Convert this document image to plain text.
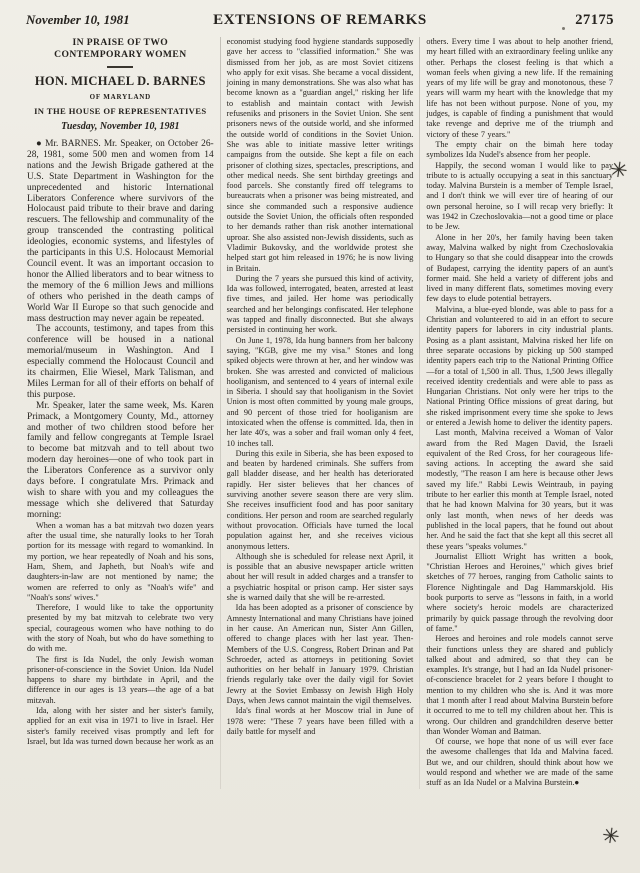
November 10, 1981	EXTENSIONS OF REMARKS	27175
IN PRAISE OF TWO
CONTEMPORARY WOMEN
HON. MICHAEL D. BARNES
OF MARYLAND
IN THE HOUSE OF REPRESENTATIVES
Tuesday, November 10, 1981

● Mr. BARNES. Mr. Speaker, on October 26-28, 1981, some 500 men and women from 14 nations and the Jewish Brigade gathered at the U.S. State Department in Washington for the unprecedented and historic International Liberators Conference where survivors of the Holocaust paid tribute to their brave and daring rescuers. The fellowship and communality of the group transcended the contrasting political ideologies, economic systems, and lifestyles of the participants in this U.S. Holocaust Memorial Council event. It was an important occasion to honor the Allied liberators and to bear witness to the memory of the 6 million Jews and millions of others who perished in the death camps of World War II Europe so that such genocide and mass destruction may never again be repeated.

The accounts, testimony, and tapes from this conference will be housed in a national memorial/museum in Washington. And I especially commend the Holocaust Council and its chairmen, Elie Wiesel, Mark Talisman, and Miles Lerman for all of their efforts on behalf of this purpose.

Mr. Speaker, later the same week, Ms. Karen Primack, a Montgomery County, Md., attorney and mother of two children stood before her family and fellow congregants at Temple Israel to become bat mitzvah and to tell about two modern day heroines—one of who took part in the Liberators Conference as a survivor only days before. I congratulate Mrs. Primack and wish to share with you and my colleagues the message which she delivered that Saturday morning:

When a woman has a bat mitzvah two dozen years after the usual time, she naturally looks to her Torah portion for its message with regard to womankind. In my portion, we hear repeatedly of Noah and his sons, Ham, Shem, and Japheth, but Noah's wife and daughters-in-law are not mentioned by name; the women are referred to only as "Noah's wife" and "Noah's sons' wives."

Therefore, I would like to take the opportunity presented by my bat mitzvah to celebrate two very special, courageous women who have nothing to do with the story of Noah, but who do have something to do with me.

The first is Ida Nudel, the only Jewish woman prisoner-of-conscience in the Soviet Union. Ida Nudel happens to share my birthdate in April, and the difference in our ages is 13 years—the age of a bat mitzvah.

Ida, along with her sister and her sister's family, applied for an exit visa in 1971 to live in Israel. Her sister's family received visas promptly and left for Israel, but Ida was turned down because her work as an

economist studying food hygiene standards supposedly gave her access to "classified information." She was dismissed from her job, as are most Soviet citizens who apply for exit visas. She became a vocal dissident, joining in many demonstrations. She was also what has become known as a "guardian angel," risking her life to establish and maintain contact with Jewish refuseniks and prisoners in the Soviet Union. She sent prisoners news of the outside world, and she informed the outside world of conditions in the Soviet Union. She was able to initiate massive letter writings campaigns from the outside. She kept a file on each prisoner of clothing sizes, spectacles, prescriptions, and other medical needs. She sent birthday greetings and food parcels. She constantly fired off telegrams to bureaucrats when a prisoner was being mistreated, and since she commanded such a responsive audience outside the Soviet Union, the officials often responded to her demands rather than risk another international uproar. She also assisted non-Jewish dissidents, such as Vladimir Bukovsky, and the worldwide protest she helped start got him released in 1976; he is now living in Britain.

During the 7 years she pursued this kind of activity, Ida was followed, interrogated, beaten, arrested at least five times, and jailed. Her home was periodically searched and her belongings confiscated. Her telephone was tapped and finally disconnected. But she always persisted in continuing her work.

On June 1, 1978, Ida hung banners from her balcony saying, "KGB, give me my visa." Stones and long spiked objects were thrown at her, and her window was broken. She was arrested and convicted of malicious hooliganism, and sentenced to 4 years of internal exile in Siberia. I should say that hooliganism in the Soviet Union is most often committed by young male groups, and 90 percent of those tried for hooliganism are intoxicated when the offense is committed. Ida, then in her late 40's, was a sober and frail woman only 4 feet, 10 inches tall.

During this exile in Siberia, she has been exposed to and beaten by hardened criminals. She suffers from gall bladder disease, and her health has deteriorated rapidly. Her sister believes that her chances of surviving another severe season there are very slim. She receives insufficient food and has poor sanitary conditions. Her person and room are searched regularly without provocation. Officials have turned the local population against her, and she receives vicious anonymous letters.

Although she is scheduled for release next April, it is possible that an abusive newspaper article written about her will result in added charges and a transfer to a psychiatric hospital or prison camp. Her sister says she is warned daily that she will be re-arrested.

Ida has been adopted as a prisoner of conscience by Amnesty International and many Christians have joined in her cause. An American nun, Sister Ann Gillen, offered to change places with her last year. Then-Members of the U.S. Congress, Robert Drinan and Pat Schroeder, acted as attorneys in petitioning Soviet authorities on her behalf in January 1979. Christian friends regularly take over the daily vigil for Soviet Jewry at the Soviet Embassy on Jewish High Holy Days, when Jews cannot maintain the vigil themselves.

Ida's final words at her Moscow trial in June of 1978 were: "These 7 years have been filled with a daily battle for myself and

others. Every time I was about to help another friend, my heart filled with an extraordinary feeling unlike any other. Perhaps the closest feeling is that which a woman feels when giving a new life. If the remaining years of my life will be gray and monotonous, these 7 years will warm my heart with the knowledge that my life has not been without purpose. None of you, my judges, is capable of finding a punishment that would take revenge and deprive me of the triumph and victory of these 7 years."

The empty chair on the bimah here today symbolizes Ida Nudel's absence from her people.

Happily, the second woman I would like to pay tribute to is actually occupying a seat in this sanctuary today. Malvina Burstein is a member of Temple Israel, and I don't think we will ever tire of hearing of our own personal heroine, so I will recap very briefly: It was 1942 in Czechoslovakia—not a good time or place to be Jew.

Alone in her 20's, her family having been taken away, Malvina walked by night from Czechoslovakia to Hungary so that she could disappear into the crowds of Budapest, carrying the identity papers of an aunt's former maid. She held a variety of different jobs and lived in many different flats, sometimes moving every few days to elude potential betrayers.

Malvina, a blue-eyed blonde, was able to pass for a Christian and volunteered to aid in an effort to secure identity papers for laborers in city industrial plants. Posing as a plant assistant, Malvina risked her life on three separate occasions by picking up 500 stamped identity papers each trip to the National Printing Office—for a total of 1,500 in all. Thus, 1,500 Jews illegally received identity credentials and were able to pass as Hungarian Christians. Not only were her trips to the National Printing Office missions of great daring, but she risked imprisonment every time she spoke to Jews or entered a Jewish home to deliver the identity papers.

Last month, Malvina received a Woman of Valor award from the Red Magen David, the Israeli equivalent of the Red Cross, for her courageous life-saving actions. In accepting the award she said modestly, "The reason I am here is because other Jews saved my life." Rabbi Lewis Weintraub, in paying tribute to her earlier this month at Temple Israel, noted that he had known Malvina for 30 years, but it was only last month, when news of her deeds was published in the local papers, that he found out about her. And he said the fact that she kept all this secret all these years "speaks volumes."

Journalist Elliott Wright has written a book, "Christian Heroes and Heroines," which gives brief sketches of 77 heroes, ranging from Catholic saints to Florence Nightingale and Dag Hammarskjold. His book purports to serve as "lessons in faith, in a world where society's heroic models are characterized primarily by quick passage through the revolving door of fame."

Heroes and heroines and role models cannot serve their functions unless they are shared and publicly talked about and admired, so that they can be examples. It's strange, but I had an Ida Nudel prisoner-of-conscience bracelet for 2 years before I thought to mention to my children who she is. And it was more that 1 month after I read about Malvina Burstein before it occurred to me to tell my children about her. This is wrong. Our children and grandchildren deserve better than Wonder Woman and Batman.

Of course, we hope that none of us will ever face the awesome challenges that Ida and Malvina faced. But we, and our children, should think about how we would respond and whether we are made of the same stuff as an Ida Nudel or a Malvina Burstein.●

✳
✳
